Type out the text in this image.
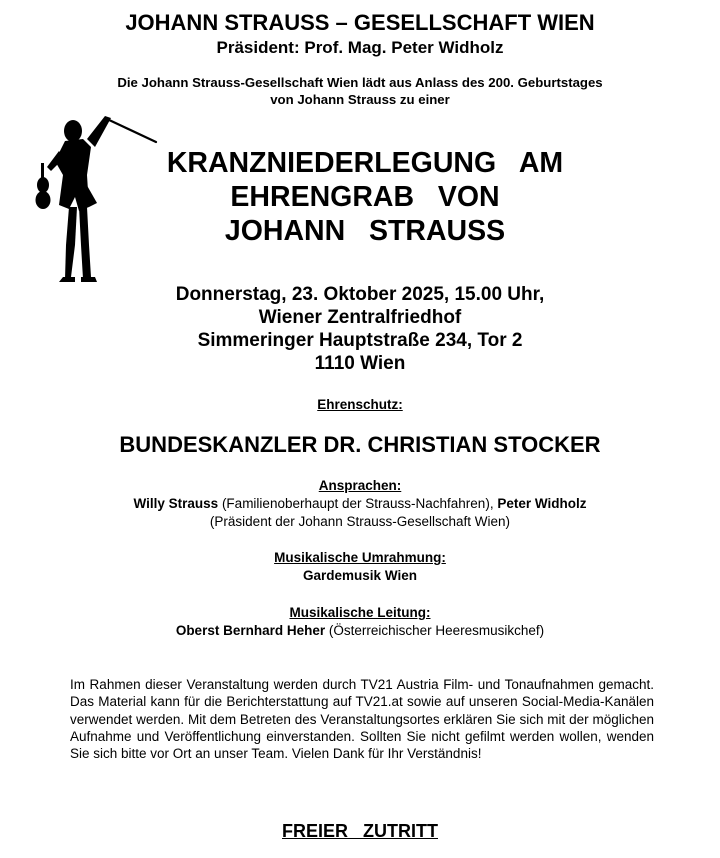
JOHANN STRAUSS – GESELLSCHAFT WIEN
Präsident: Prof. Mag. Peter Widholz
Die Johann Strauss-Gesellschaft Wien lädt aus Anlass des 200. Geburtstages
von Johann Strauss zu einer
KRANZNIEDERLEGUNG   AM
EHRENGRAB   VON
JOHANN   STRAUSS
Donnerstag, 23. Oktober 2025, 15.00 Uhr,
Wiener Zentralfriedhof
Simmeringer Hauptstraße 234, Tor 2
1110 Wien
Ehrenschutz:
BUNDESKANZLER DR. CHRISTIAN STOCKER
Ansprachen:
Willy Strauss (Familienoberhaupt der Strauss-Nachfahren), Peter Widholz
(Präsident der Johann Strauss-Gesellschaft Wien)
Musikalische Umrahmung:
Gardemusik Wien
Musikalische Leitung:
Oberst Bernhard Heher (Österreichischer Heeresmusikchef)
Im Rahmen dieser Veranstaltung werden durch TV21 Austria Film- und Tonaufnahmen gemacht. Das Material kann für die Berichterstattung auf TV21.at sowie auf unseren Social-Media-Kanälen verwendet werden. Mit dem Betreten des Veranstaltungsortes erklären Sie sich mit der möglichen Aufnahme und Veröffentlichung einverstanden. Sollten Sie nicht gefilmt werden wollen, wenden Sie sich bitte vor Ort an unser Team. Vielen Dank für Ihr Verständnis!
FREIER   ZUTRITT
